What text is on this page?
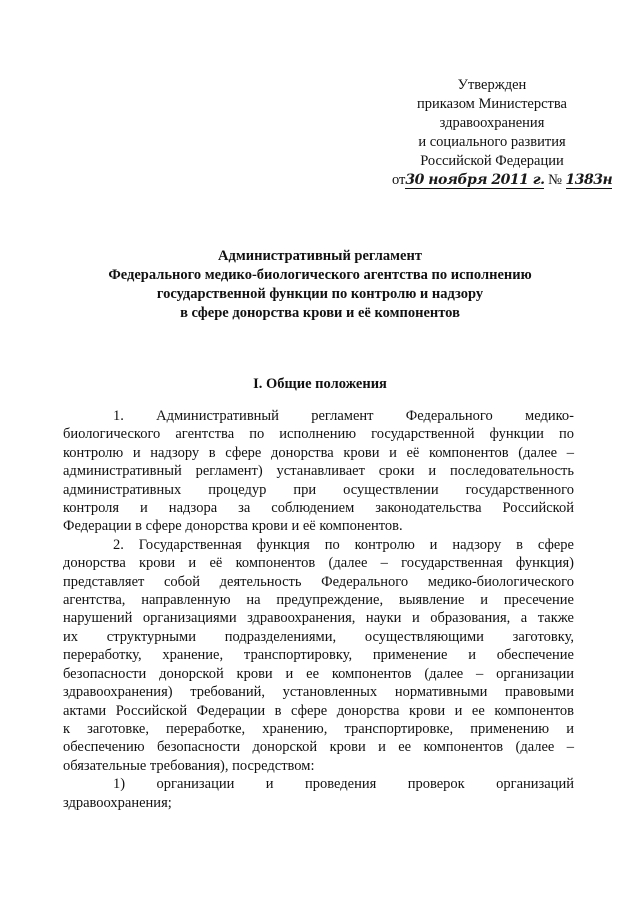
Утвержден
приказом Министерства
здравоохранения
и социального развития
Российской Федерации
от30 ноября 2011 г. № 1383н
Административный регламент
Федерального медико-биологического агентства по исполнению
государственной функции по контролю и надзору
в сфере донорства крови и её компонентов
I. Общие положения
1. Административный регламент Федерального медико-
биологического агентства по исполнению государственной функции по
контролю и надзору в сфере донорства крови и её компонентов (далее –
административный регламент) устанавливает сроки и последовательность
административных процедур при осуществлении государственного
контроля и надзора за соблюдением законодательства Российской
Федерации в сфере донорства крови и её компонентов.
2. Государственная функция по контролю и надзору в сфере
донорства крови и её компонентов (далее – государственная функция)
представляет собой деятельность Федерального медико-биологического
агентства, направленную на предупреждение, выявление и пресечение
нарушений организациями здравоохранения, науки и образования, а также
их структурными подразделениями, осуществляющими заготовку,
переработку, хранение, транспортировку, применение и обеспечение
безопасности донорской крови и ее компонентов (далее – организации
здравоохранения) требований, установленных нормативными правовыми
актами Российской Федерации в сфере донорства крови и ее компонентов
к заготовке, переработке, хранению, транспортировке, применению и
обеспечению безопасности донорской крови и ее компонентов (далее –
обязательные требования), посредством:
1) организации и проведения проверок организаций
здравоохранения;
